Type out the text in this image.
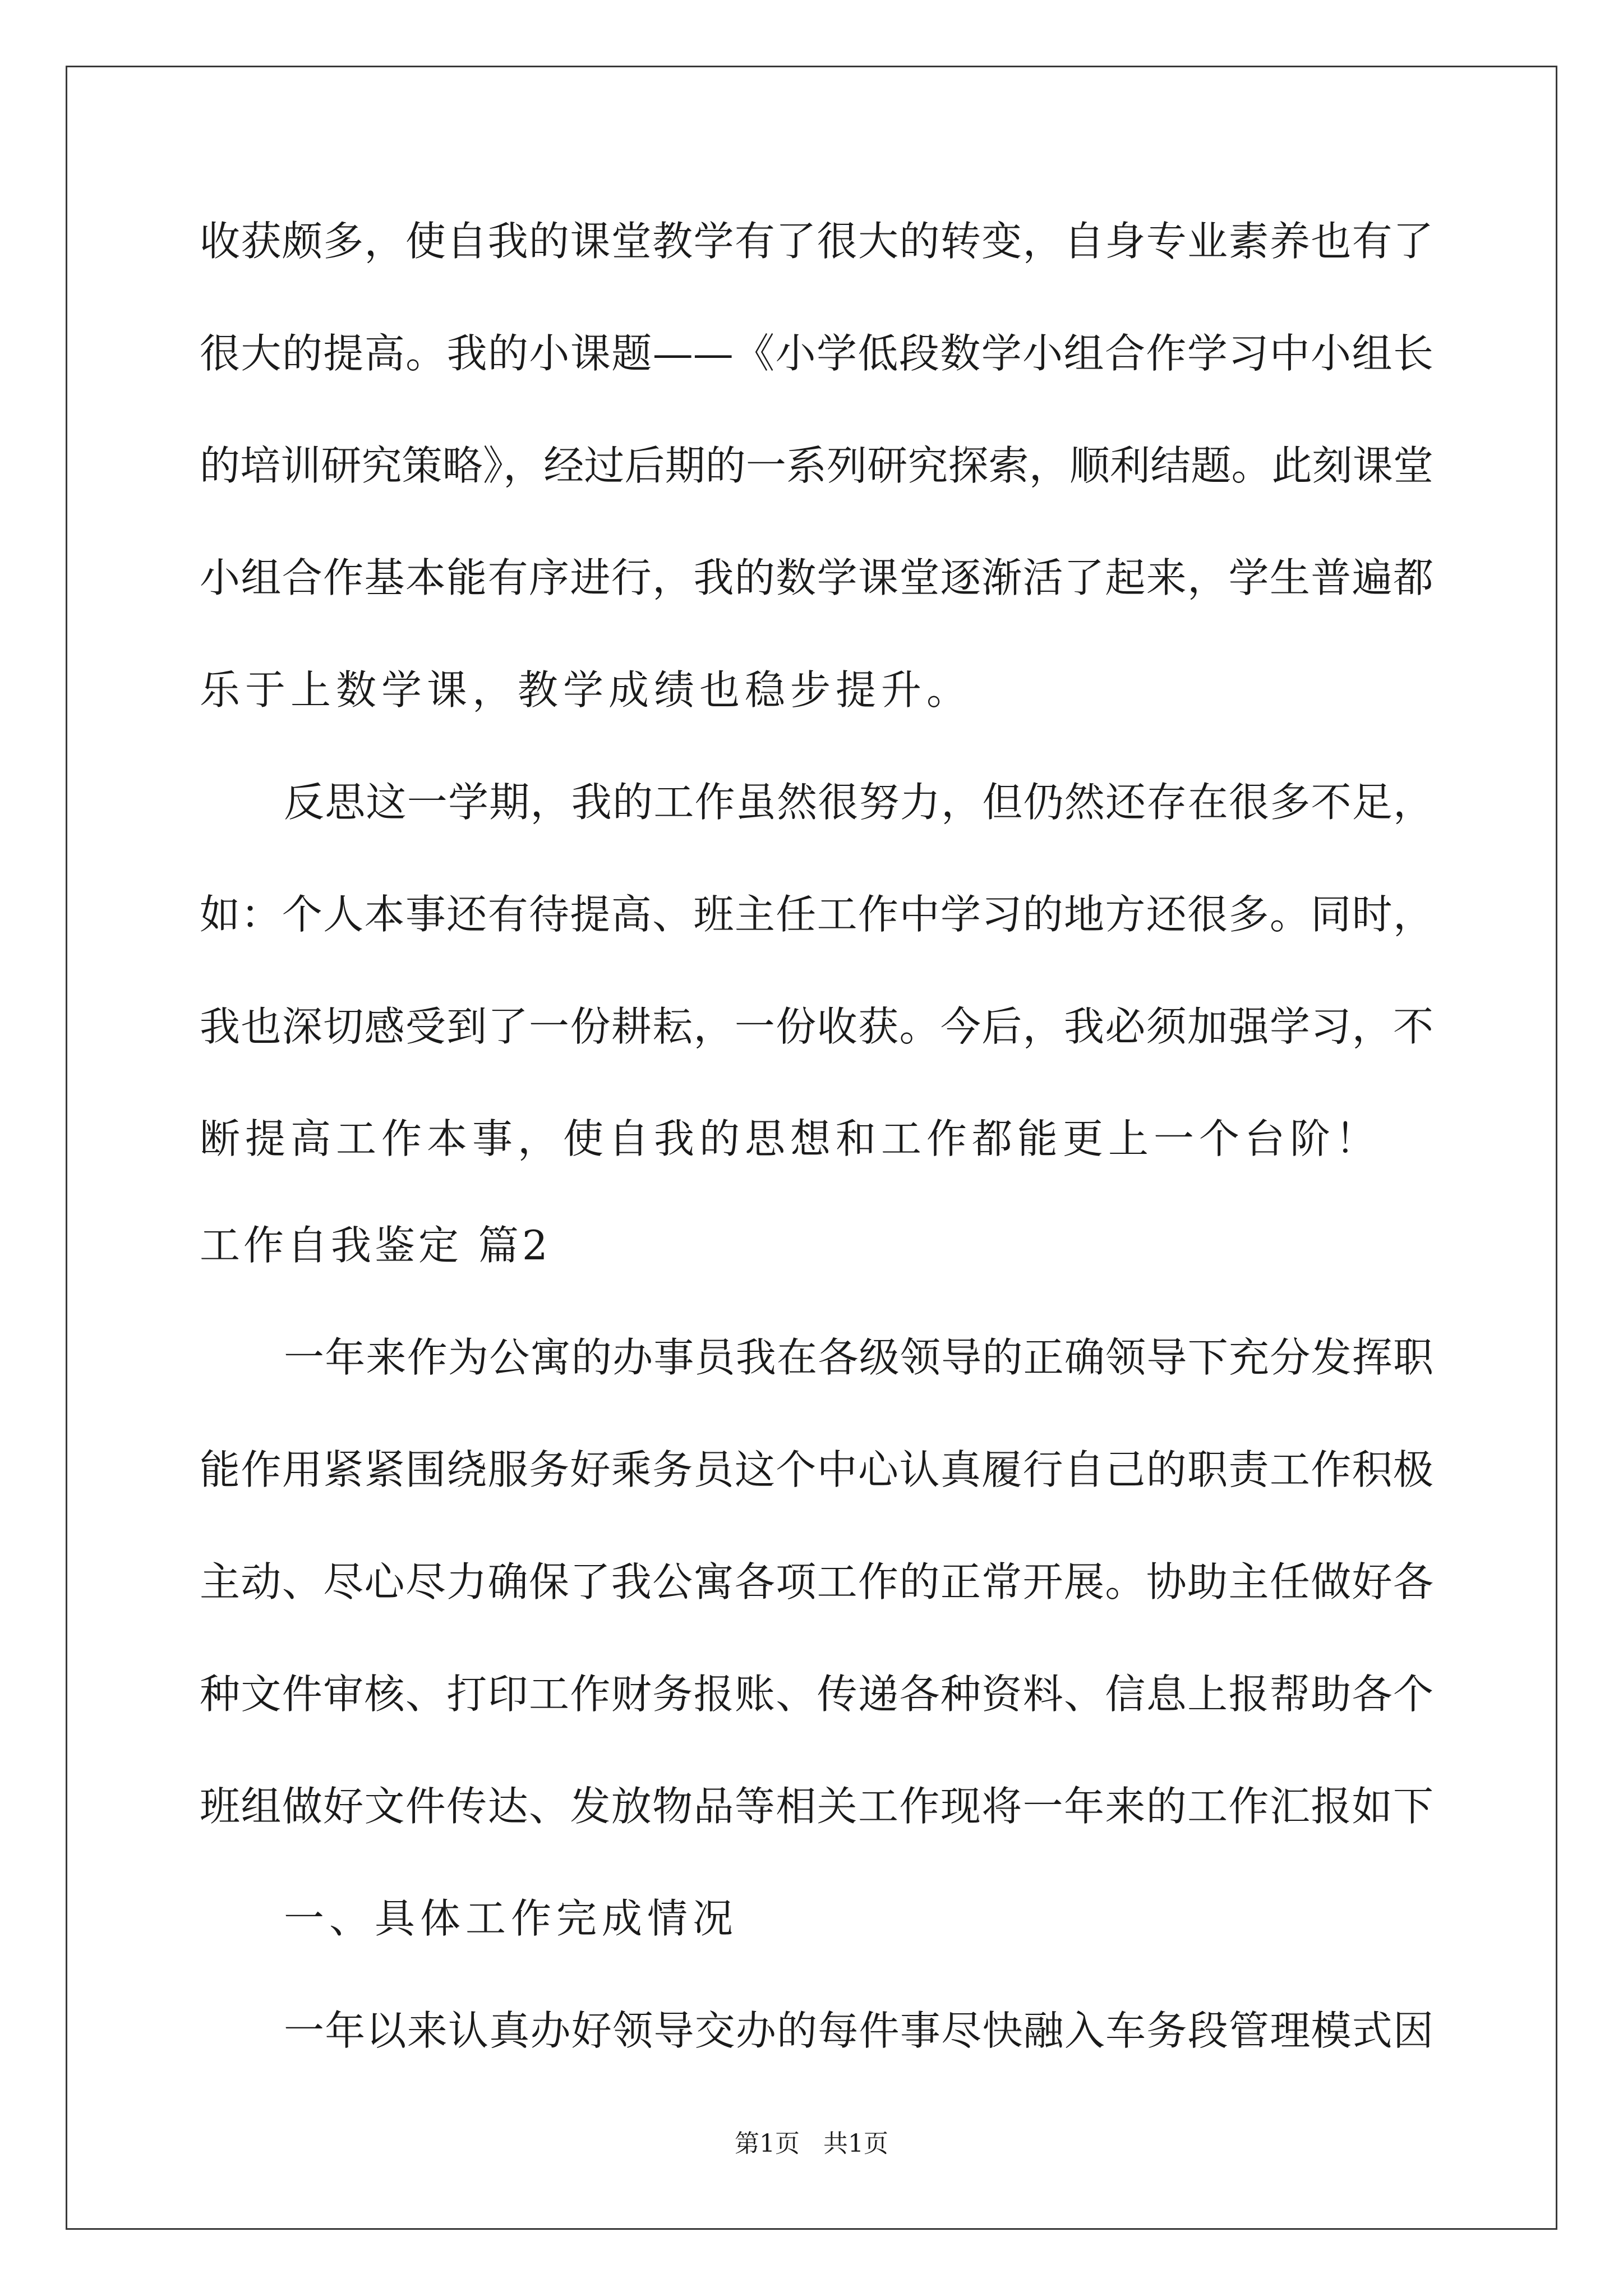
收获颇多，使自我的课堂教学有了很大的转变，自身专业素养也有了
很大的提高。我的小课题——《小学低段数学小组合作学习中小组长
的培训研究策略》，经过后期的一系列研究探索，顺利结题。此刻课堂
小组合作基本能有序进行，我的数学课堂逐渐活了起来，学生普遍都
乐于上数学课，教学成绩也稳步提升。
反思这一学期，我的工作虽然很努力，但仍然还存在很多不足，
如：个人本事还有待提高、班主任工作中学习的地方还很多。同时，
我也深切感受到了一份耕耘，一份收获。今后，我必须加强学习，不
断提高工作本事，使自我的思想和工作都能更上一个台阶！
工作自我鉴定 篇2
一年来作为公寓的办事员我在各级领导的正确领导下充分发挥职
能作用紧紧围绕服务好乘务员这个中心认真履行自己的职责工作积极
主动、尽心尽力确保了我公寓各项工作的正常开展。协助主任做好各
种文件审核、打印工作财务报账、传递各种资料、信息上报帮助各个
班组做好文件传达、发放物品等相关工作现将一年来的工作汇报如下
一、具体工作完成情况
一年以来认真办好领导交办的每件事尽快融入车务段管理模式因
第1页   共1页
